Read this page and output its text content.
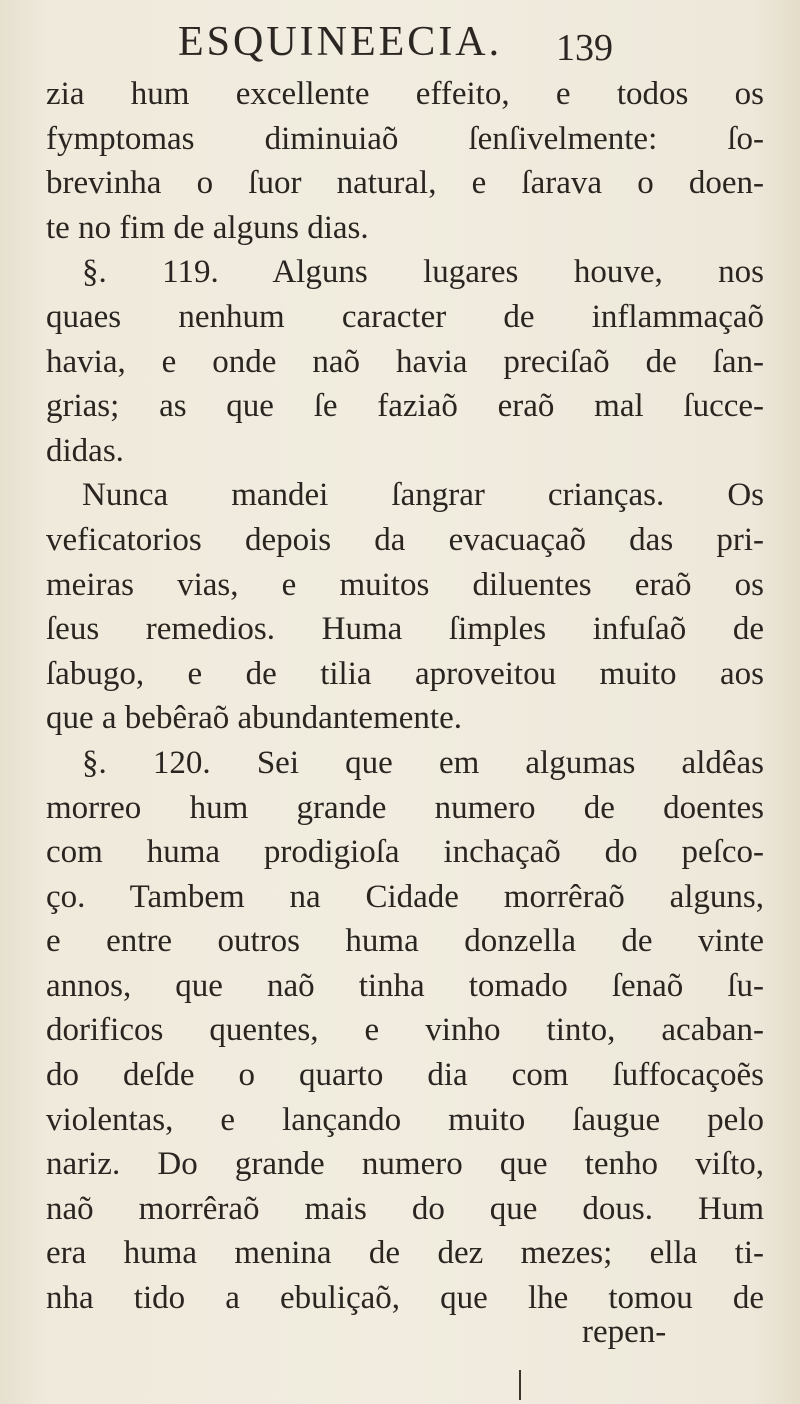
ESQUINEECIA. 139
zia hum excellente effeito, e todos os
fymptomas diminuiaõ ſenſivelmente: ſo-
brevinha o ſuor natural, e ſarava o doen-
te no fim de alguns dias.
§. 119. Alguns lugares houve, nos
quaes nenhum caracter de inflammaçaõ
havia, e onde naõ havia preciſaõ de ſan-
grias; as que ſe faziaõ eraõ mal ſucce-
didas.
Nunca mandei ſangrar crianças. Os
veficatorios depois da evacuaçaõ das pri-
meiras vias, e muitos diluentes eraõ os
ſeus remedios. Huma ſimples infuſaõ de
ſabugo, e de tilia aproveitou muito aos
que a bebêraõ abundantemente.
§. 120. Sei que em algumas aldêas
morreo hum grande numero de doentes
com huma prodigioſa inchaçaõ do peſco-
ço. Tambem na Cidade morrêraõ alguns,
e entre outros huma donzella de vinte
annos, que naõ tinha tomado ſenaõ ſu-
dorificos quentes, e vinho tinto, acaban-
do deſde o quarto dia com ſuffocaçoẽs
violentas, e lançando muito ſaugue pelo
nariz. Do grande numero que tenho viſto,
naõ morrêraõ mais do que dous. Hum
era huma menina de dez mezes; ella ti-
nha tido a ebuliçaõ, que lhe tomou de
repen-
